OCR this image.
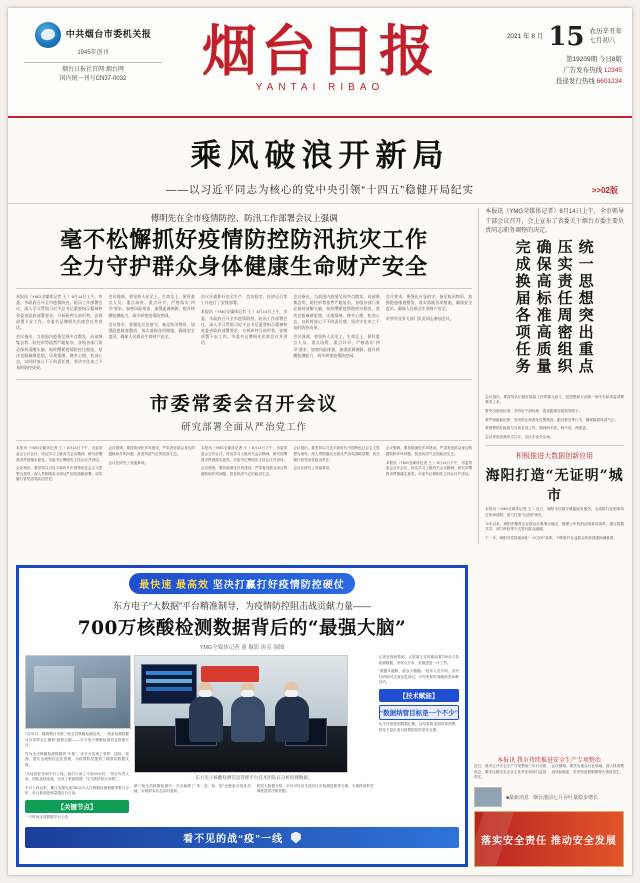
中共烟台市委机关报
1945年创刊
烟台日报社官网:烟台网
国内统一刊号CN37-0032	烟台日报
YANTAI RIBAO
2021 年 8 月 15 农历辛丑年
七月初八
第19209期 今日8版
广告发布热线 12345
投递发行热线 6601234
乘风破浪开新局
——以习近平同志为核心的党中央引领“十四五”稳健开局纪实	>>02版
傅明先在全市疫情防控、防汛工作部署会议上强调
毫不松懈抓好疫情防控防汛抗灾工作
全力守护群众身体健康生命财产安全

本报讯（YMG全媒体记者 王 ）8月14日上午，市委、市政府召开全市疫情防控、防汛工作部署会议，深入学习贯彻习近平总书记重要指示精神和省委省政府部署要求，分析研判当前形势，安排部署下步工作。市委书记傅明先出席会议并讲话。

会议指出，当前国内疫情呈现多点散发、局部聚集态势，防控形势依然严峻复杂，各级各部门务必保持清醒头脑，始终绷紧疫情防控这根弦，坚决克服麻痹思想、厌战情绪、侥幸心理、松劲心态，以时时放心不下的责任感，坚决守住来之不易的防控成果。

会议强调，要坚持人民至上、生命至上，紧盯重点人员、重点场所、重点环节，严格落实“四早”要求，加密风险排查，加强流调溯源，提升核酸检测能力，筑牢织密疫情防控网。

会议要求，要强化应急值守，备足防汛物资，加强隐患排查整治，落实落细各项措施，确保安全度汛，确保人民群众生命财产安全。

会议还就抓好安全生产、信访稳定、经济运行等工作进行了安排部署。

本报讯（YMG全媒体记者 王 ）8月14日上午，市委、市政府召开全市疫情防控、防汛工作部署会议，深入学习贯彻习近平总书记重要指示精神和省委省政府部署要求，分析研判当前形势，安排部署下步工作。市委书记傅明先出席会议并讲话。

会议指出，当前国内疫情呈现多点散发、局部聚集态势，防控形势依然严峻复杂，各级各部门务必保持清醒头脑，始终绷紧疫情防控这根弦，坚决克服麻痹思想、厌战情绪、侥幸心理、松劲心态，以时时放心不下的责任感，坚决守住来之不易的防控成果。

会议强调，要坚持人民至上、生命至上，紧盯重点人员、重点场所、重点环节，严格落实“四早”要求，加密风险排查，加强流调溯源，提升核酸检测能力，筑牢织密疫情防控网。

会议要求，要强化应急值守，备足防汛物资，加强隐患排查整治，落实落细各项措施，确保安全度汛，确保人民群众生命财产安全。

市领导及有关部门负责同志参加会议。

市委常委会召开会议
研究部署全面从严治党工作

本报讯（YMG全媒体记者 王 ）8月14日下午，市委常委会召开会议，传达学习上级有关会议精神，研究部署我市贯彻落实意见。市委书记傅明先主持会议并讲话。

会议指出，要坚持以习近平新时代中国特色社会主义思想为指导，深入贯彻落实全面从严治党战略部署，切实履行管党治党政治责任。

会议强调，要持续深化作风建设，严肃查处群众身边的腐败和作风问题，营造风清气正的政治生态。

会议还研究了其他事项。

本报讯（YMG全媒体记者 王 ）8月14日下午，市委常委会召开会议，传达学习上级有关会议精神，研究部署我市贯彻落实意见。市委书记傅明先主持会议并讲话。

会议强调，要持续深化作风建设，严肃查处群众身边的腐败和作风问题，营造风清气正的政治生态。

会议指出，要坚持以习近平新时代中国特色社会主义思想为指导，深入贯彻落实全面从严治党战略部署，切实履行管党治党政治责任。

会议还研究了其他事项。

会议强调，要持续深化作风建设，严肃查处群众身边的腐败和作风问题，营造风清气正的政治生态。

本报讯（YMG全媒体记者 王 ）8月14日下午，市委常委会召开会议，传达学习上级有关会议精神，研究部署我市贯彻落实意见。市委书记傅明先主持会议并讲话。

本报讯（YMG全媒体记者）8月14日上午，全市领导干部会议召开，会上宣布了省委关于烟台市委主要负责同志职务调整的决定。
统一思想突出重点压实责任周密组织确保高标准高质量完成换届各项任务

会议指出，要深刻认识做好换届工作的重大意义，把思想和行动统一到中央和省委部署要求上来。

要突出政治标准，坚持好干部标准，选优配强各级领导班子。

要严明换届纪律，坚决防止和查处拉票贿选、跑官要官等行为，确保换届风清气正。

要统筹抓好换届与当前各项工作，做到两手抓、两不误、两促进。

会议采取视频形式召开，各区市设分会场。

积极推进大数据创新应用
海阳打造“无证明”城市

本报讯（YMG全媒体记者 王 ）近日，海阳市以数字赋能政务服务，全面推行证明事项告知承诺制，着力打造“无证明”城市。

今年以来，海阳市聚焦企业群众办事堵点痛点，梳理公布取消证明事项清单，通过数据共享、部门核验等方式替代群众跑腿。

下一步，海阳市将持续深化“一次办好”改革，不断提升企业群众的获得感和满意度。

最快速 最高效 坚决打赢打好疫情防控硬仗
东方电子“大数据”平台精准制导，为疫情防控阻击战贡献力量——
700万核酸检测数据背后的“最强大脑”
YMG全媒体记者 董 摄影 唐克 制图

7月31日，随着烟台市第三轮全员核酸检测启动，一条条检测数据从各采样点汇聚到“最强大脑”——东方电子核酸检测信息管理平台。

作为全市核酸检测数据的“中枢”，该平台实现了采样、送检、检测、报告全流程信息化管理，为疫情防控提供了精准的数据支撑。

“从接到任务到平台上线，我们只用了不到24小时。”项目负责人说，团队连续奋战，完成了系统搭建、压力测试和全市推广。

平台上线以来，累计支撑完成700余万人次核酸检测数据采集与分析，单日最高处理量超过百万条。

【关键节点】

一天时间完成数据平台上线

东方电子核酸检测信息管理平台技术团队在分析检测数据。

第三轮全员核酸检测中，平台新增了“采、送、检、报”全链条可视化功能，实现样本状态实时追踪。

依托大数据分析，平台可自动生成各区市检测进度热力图，为指挥部科学调度提供决策依据。

记者在现场看到，大屏幕上实时跳动着700余万条检测数据，采样点分布、检测进度一目了然。

“数据多跑路，群众少跑腿。”技术人员介绍，市民扫码即可完成信息登记，平均采样时间缩短至30秒以内。

【技术赋能】
“数据纳管目标是一个不少”

从平台搭建到数据汇聚，从结果推送到异常预警，科技力量正成为疫情防控的坚实支撑。

看不见的战“疫”一线
本报讯 我市持续推进安全生产专项整治

近日，我市召开安全生产专项整治三年行动推进会，要求压紧压实企业主体责任和部门监管责任。

会议强调，要突出重点行业领域，深入排查整治风险隐患，坚决防范遏制重特大事故发生。

■最新消息 烟台港前七月吞吐量稳步增长
落实安全责任 推动安全发展
